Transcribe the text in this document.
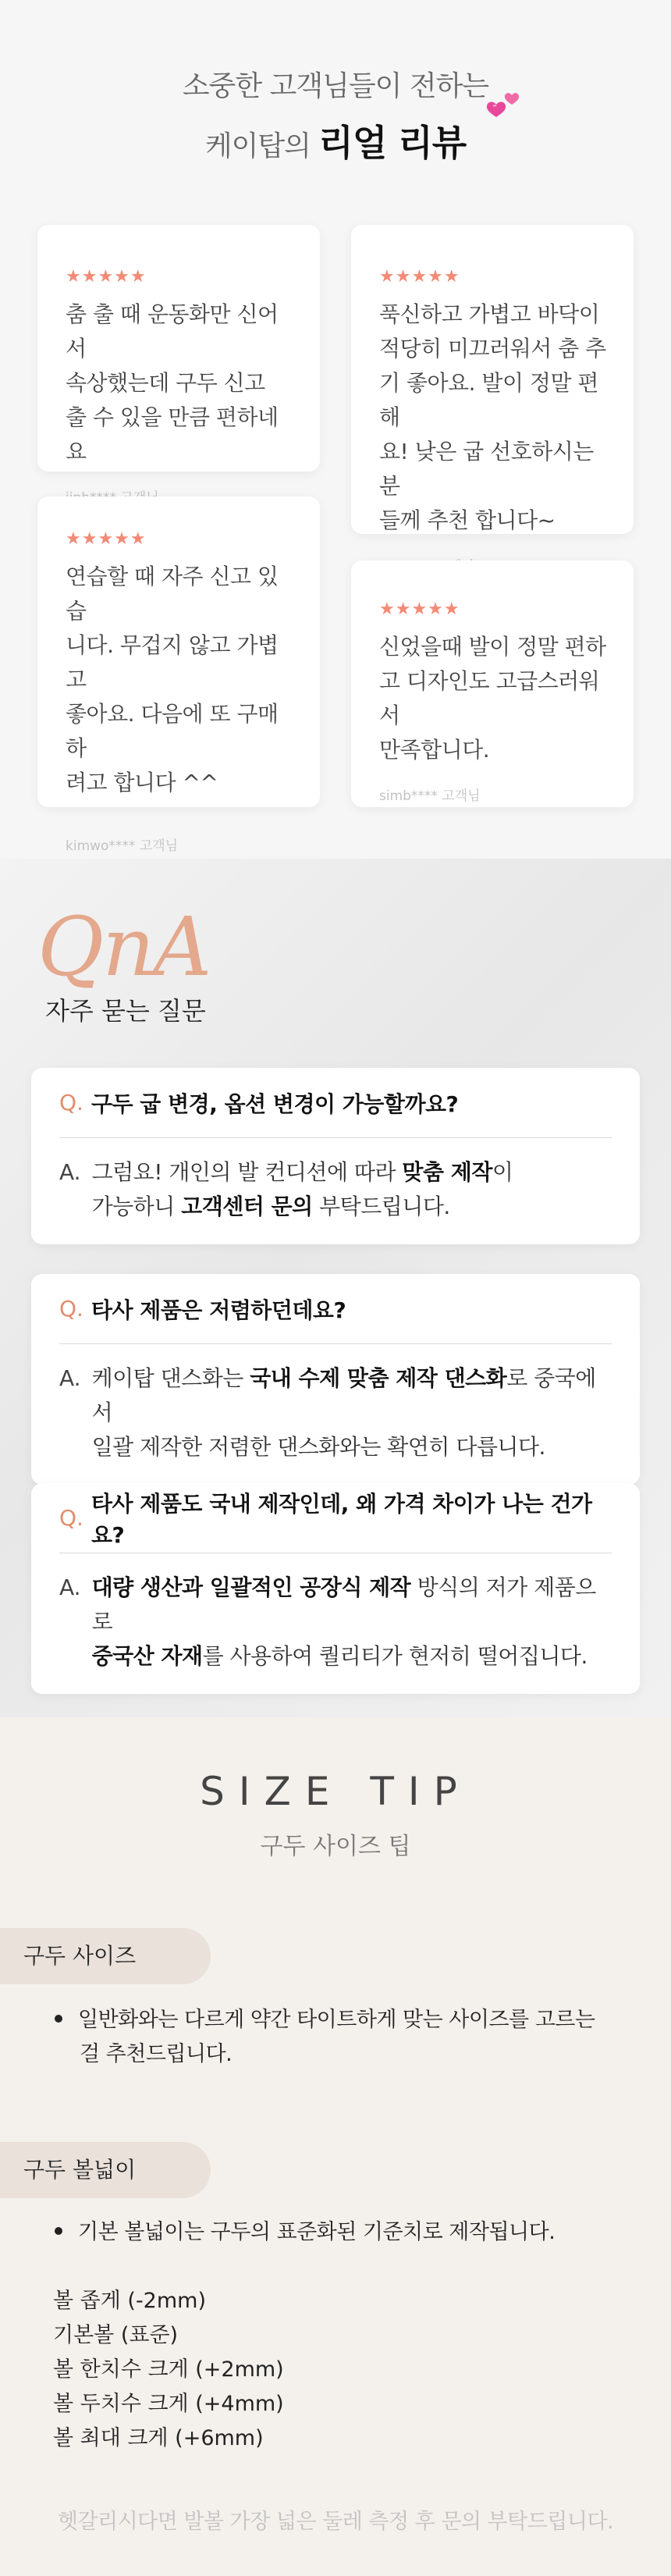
소중한 고객님들이 전하는
케이탑의 리얼 리뷰
★★★★★
춤 출 때 운동화만 신어서
속상했는데 구두 신고
출 수 있을 만큼 편하네요
★★★★★
푹신하고 가볍고 바닥이
적당히 미끄러워서 춤 추
기 좋아요. 발이 정말 편해
요! 낮은 굽 선호하시는 분
들께 추천 합니다~
★★★★★
연습할 때 자주 신고 있습
니다. 무겁지 않고 가볍고
좋아요. 다음에 또 구매하
려고 합니다 ^^
kimwo**** 고객님
★★★★★
신었을때 발이 정말 편하
고 디자인도 고급스러워서
만족합니다.
simb**** 고객님
QnA
자주 묻는 질문
Q. 구두 굽 변경, 옵션 변경이 가능할까요?
A. 그럼요! 개인의 발 컨디션에 따라 맞춤 제작이
가능하니 고객센터 문의 부탁드립니다.
Q. 타사 제품은 저렴하던데요?
A. 케이탑 댄스화는 국내 수제 맞춤 제작 댄스화로 중국에서
일괄 제작한 저렴한 댄스화와는 확연히 다릅니다.
Q.
타사 제품도 국내 제작인데, 왜 가격 차이가 나는 건가요?
A. 대량 생산과 일괄적인 공장식 제작 방식의 저가 제품으로
중국산 자재를 사용하여 퀄리티가 현저히 떨어집니다.
SIZE TIP
구두 사이즈 팁
구두 사이즈
일반화와는 다르게 약간 타이트하게 맞는 사이즈를 고르는
걸 추천드립니다.
구두 볼넓이
기본 볼넓이는 구두의 표준화된 기준치로 제작됩니다.
볼 좁게 (-2mm)
기본볼 (표준)
볼 한치수 크게 (+2mm)
볼 두치수 크게 (+4mm)
볼 최대 크게 (+6mm)
헷갈리시다면 발볼 가장 넓은 둘레 측정 후 문의 부탁드립니다.
